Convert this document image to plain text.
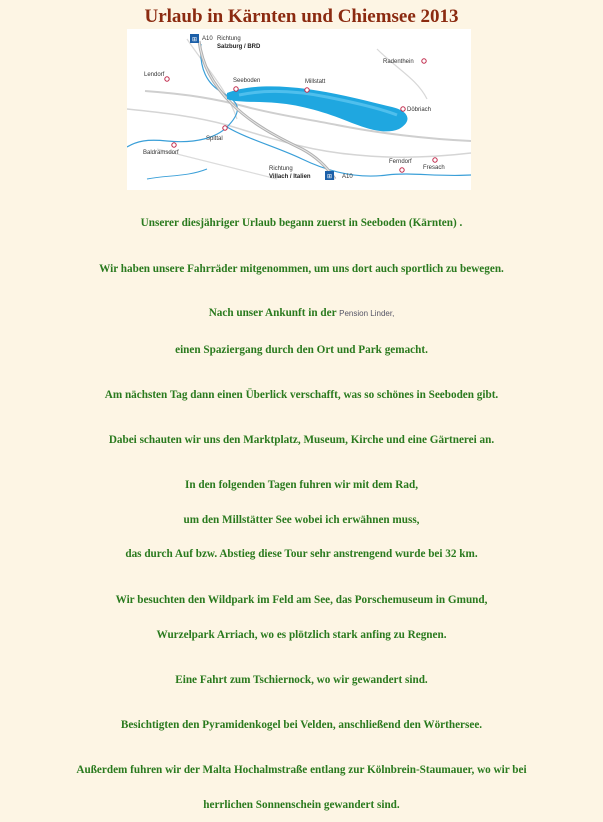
Urlaub in Kärnten und Chiemsee 2013
⊞ A10 Richtung
Salzburg / BRD
⊞ A10
Richtung
Villach / Italien
Lendorf
Seeboden	Millstatt
Radenthein
Döbriach
Spittal
Baldramsdorf
Ferndorf
Fresach
Unserer diesjähriger Urlaub begann zuerst in Seeboden (Kärnten) .
Wir haben unsere Fahrräder mitgenommen, um uns dort auch sportlich zu bewegen.
Nach unser Ankunft in der Pension Linder,
einen Spaziergang durch den Ort und Park gemacht.
Am nächsten Tag dann einen Überlick verschafft, was so schönes in Seeboden gibt.
Dabei schauten wir uns den Marktplatz, Museum, Kirche und eine Gärtnerei an.
In den folgenden Tagen fuhren wir mit dem Rad,
um den Millstätter See wobei ich erwähnen muss,
das durch Auf bzw. Abstieg diese Tour sehr anstrengend wurde bei 32 km.
Wir besuchten den Wildpark im Feld am See, das Porschemuseum in Gmund,
Wurzelpark Arriach, wo es plötzlich stark anfing zu Regnen.
Eine Fahrt zum Tschiernock, wo wir gewandert sind.
Besichtigten den Pyramidenkogel bei Velden, anschließend den Wörthersee.
Außerdem fuhren wir der Malta Hochalmstraße entlang zur Kölnbrein-Staumauer, wo wir bei
herrlichen Sonnenschein gewandert sind.
